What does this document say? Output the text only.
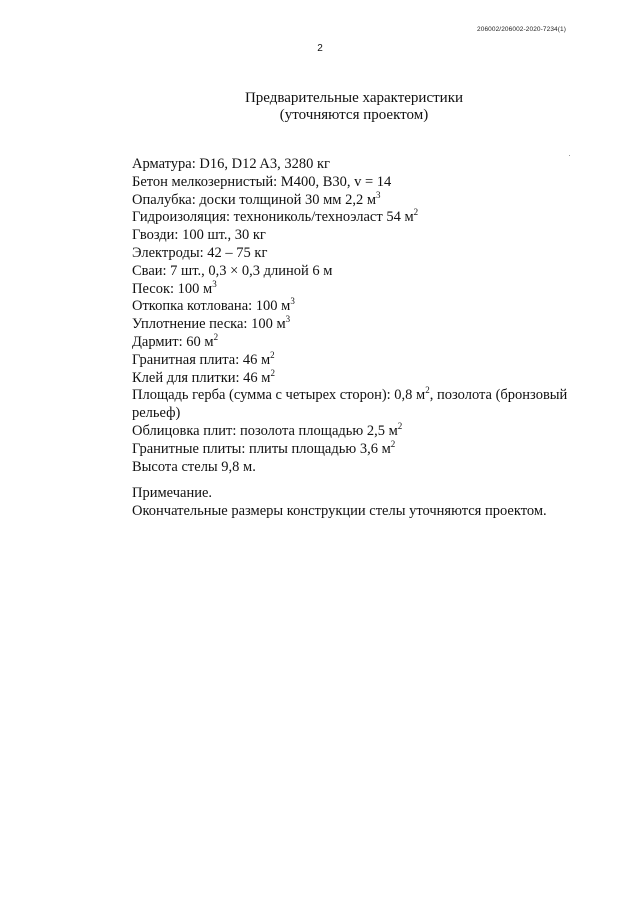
206002/206002-2020-7234(1)
2
Предварительные характеристики
(уточняются проектом)
Арматура: D16, D12 A3, 3280 кг
Бетон мелкозернистый: M400, B30, v = 14
Опалубка: доски толщиной 30 мм 2,2 $м^3$
Гидроизоляция: технониколь/техноэласт 54 $м^2$
Гвозди: 100 шт., 30 кг
Электроды: 42 – 75 кг
Сваи: 7 шт., 0,3 × 0,3 длиной 6 м
Песок: 100 $м^3$
Откопка котлована: 100 $м^3$
Уплотнение песка: 100 $м^3$
Дармит: 60 $м^2$
Гранитная плита: 46 $м^2$
Клей для плитки: 46 $м^2$
Площадь герба (сумма с четырех сторон): 0,8 $м^2$, позолота (бронзовый рельеф)
Облицовка плит: позолота площадью 2,5 $м^2$
Гранитные плиты: плиты площадью 3,6 $м^2$
Высота стелы 9,8 м.
Примечание.
Окончательные размеры конструкции стелы уточняются проектом.
